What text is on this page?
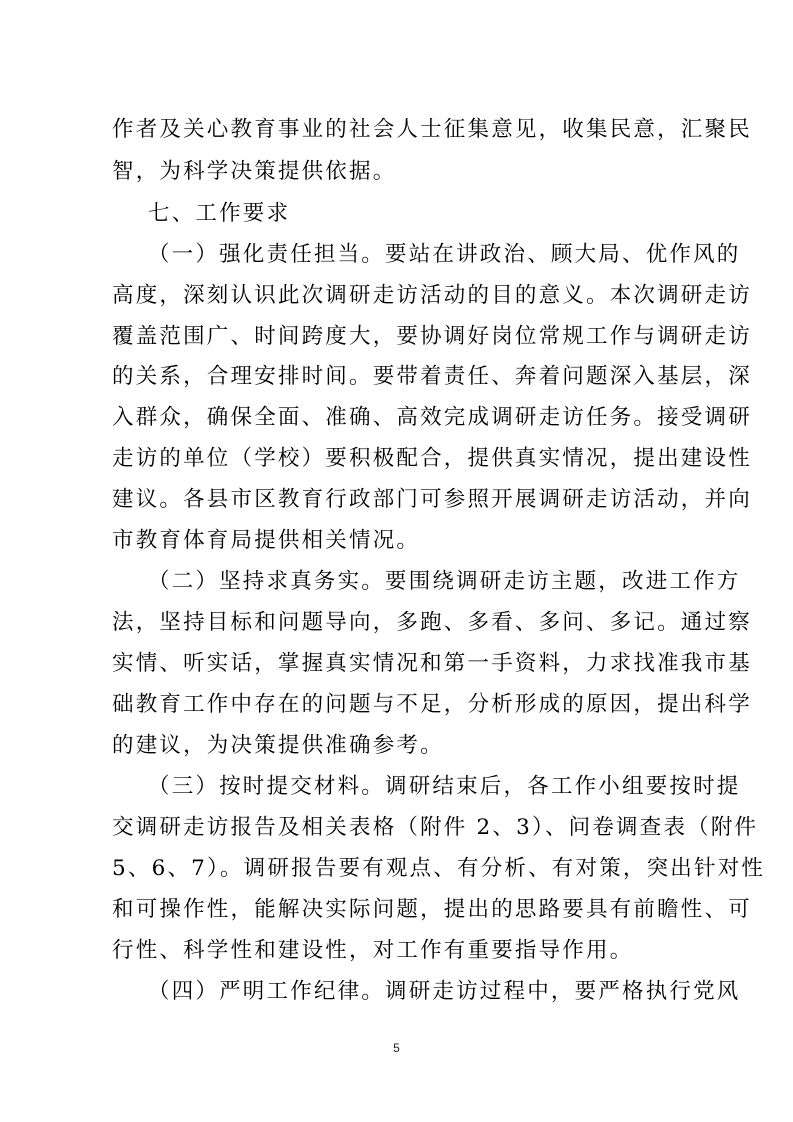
作者及关心教育事业的社会人士征集意见，收集民意，汇聚民
智，为科学决策提供依据。
七、工作要求
（一）强化责任担当。要站在讲政治、顾大局、优作风的
高度，深刻认识此次调研走访活动的目的意义。本次调研走访
覆盖范围广、时间跨度大，要协调好岗位常规工作与调研走访
的关系，合理安排时间。要带着责任、奔着问题深入基层，深
入群众，确保全面、准确、高效完成调研走访任务。接受调研
走访的单位（学校）要积极配合，提供真实情况，提出建设性
建议。各县市区教育行政部门可参照开展调研走访活动，并向
市教育体育局提供相关情况。
（二）坚持求真务实。要围绕调研走访主题，改进工作方
法，坚持目标和问题导向，多跑、多看、多问、多记。通过察
实情、听实话，掌握真实情况和第一手资料，力求找准我市基
础教育工作中存在的问题与不足，分析形成的原因，提出科学
的建议，为决策提供准确参考。
（三）按时提交材料。调研结束后，各工作小组要按时提
交调研走访报告及相关表格（附件 2、3）、问卷调查表（附件
5、6、7）。调研报告要有观点、有分析、有对策，突出针对性
和可操作性，能解决实际问题，提出的思路要具有前瞻性、可
行性、科学性和建设性，对工作有重要指导作用。
（四）严明工作纪律。调研走访过程中，要严格执行党风
5
